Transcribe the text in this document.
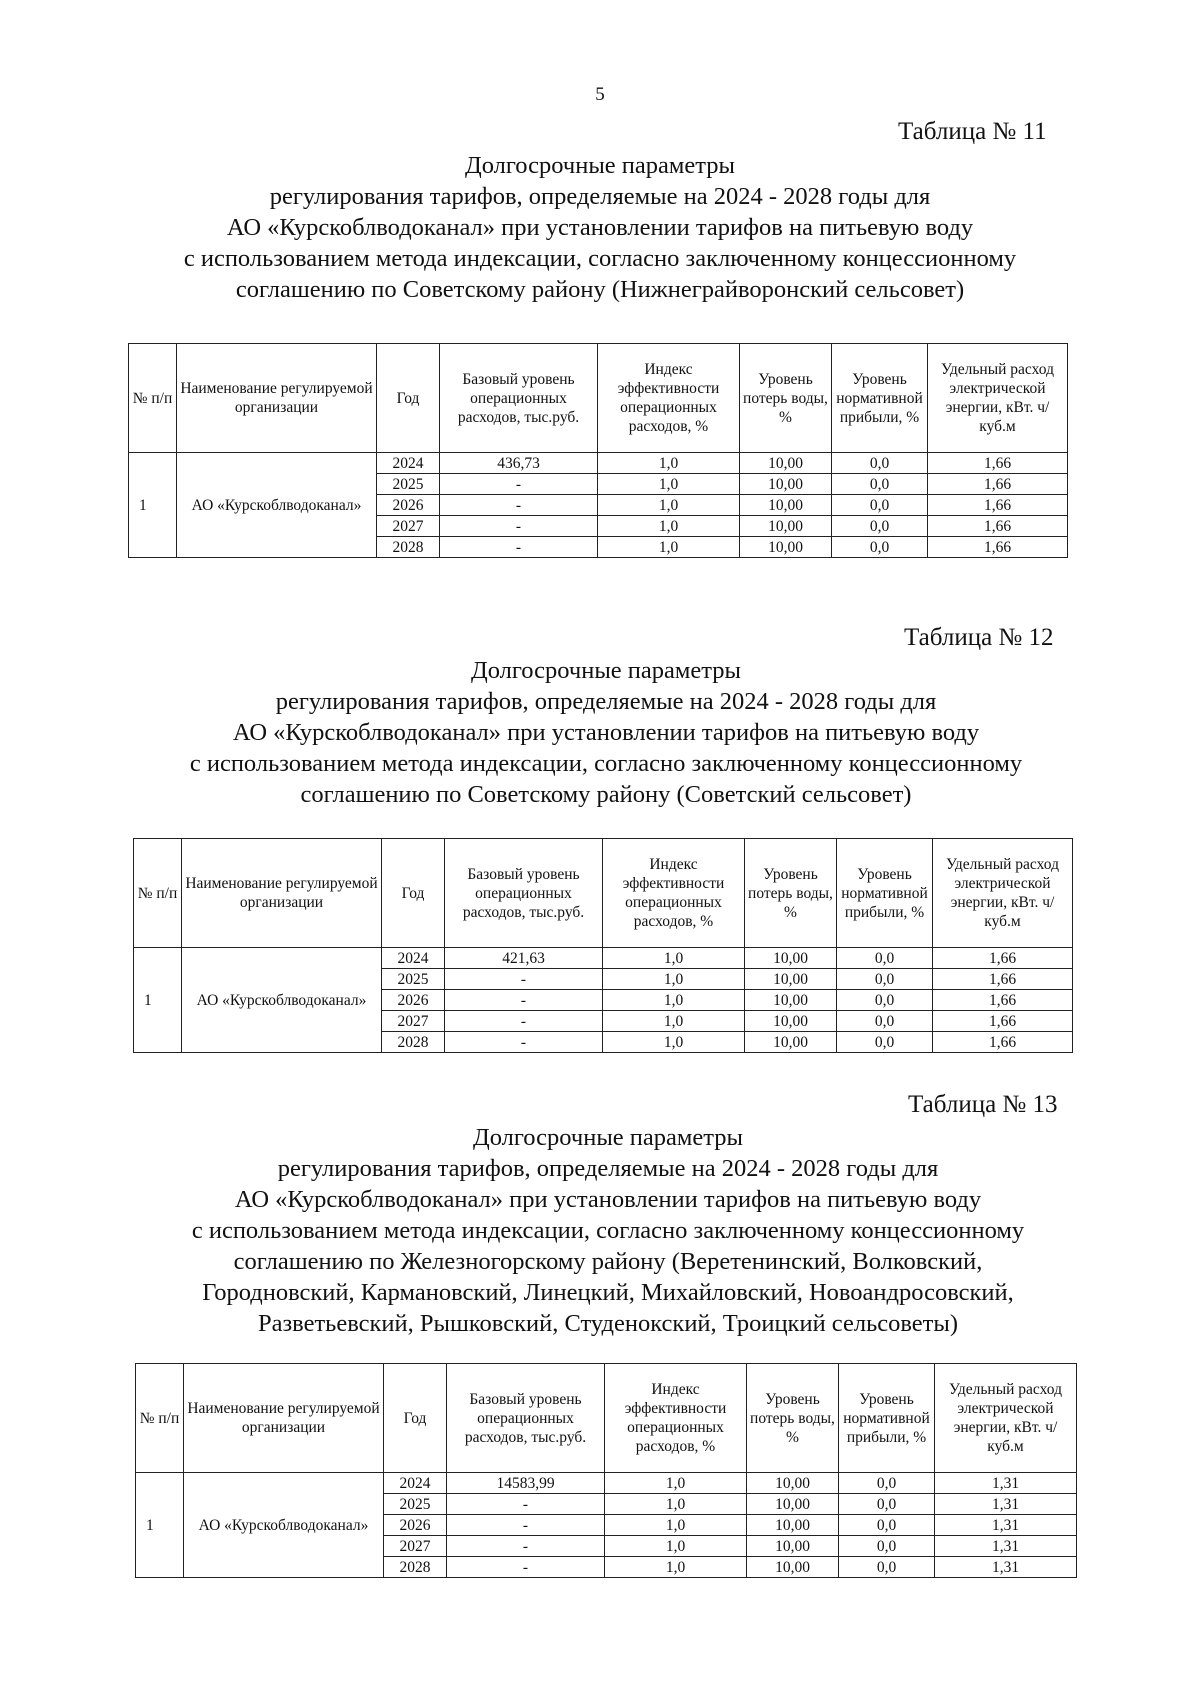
5
Таблица № 11
Долгосрочные параметры
регулирования тарифов, определяемые на 2024 - 2028 годы для
АО «Курскоблводоканал» при установлении тарифов на питьевую воду
с использованием метода индексации, согласно заключенному концессионному
соглашению по Советскому району (Нижнеграйворонский сельсовет)
№ п/п	Наименование регулируемой организации	Год	Базовый уровень операционных расходов, тыс.руб.	Индекс эффективности операционных расходов, %	Уровень потерь воды, %	Уровень нормативной прибыли, %	Удельный расход электрической энергии, кВт. ч/куб.м
1	АО «Курскоблводоканал»	2024	436,73	1,0	10,00	0,0	1,66
		2025	-	1,0	10,00	0,0	1,66
		2026	-	1,0	10,00	0,0	1,66
		2027	-	1,0	10,00	0,0	1,66
		2028	-	1,0	10,00	0,0	1,66
Таблица № 12
Долгосрочные параметры
регулирования тарифов, определяемые на 2024 - 2028 годы для
АО «Курскоблводоканал» при установлении тарифов на питьевую воду
с использованием метода индексации, согласно заключенному концессионному
соглашению по Советскому району (Советский сельсовет)
№ п/п	Наименование регулируемой организации	Год	Базовый уровень операционных расходов, тыс.руб.	Индекс эффективности операционных расходов, %	Уровень потерь воды, %	Уровень нормативной прибыли, %	Удельный расход электрической энергии, кВт. ч/куб.м
1	АО «Курскоблводоканал»	2024	421,63	1,0	10,00	0,0	1,66
		2025	-	1,0	10,00	0,0	1,66
		2026	-	1,0	10,00	0,0	1,66
		2027	-	1,0	10,00	0,0	1,66
		2028	-	1,0	10,00	0,0	1,66
Таблица № 13
Долгосрочные параметры
регулирования тарифов, определяемые на 2024 - 2028 годы для
АО «Курскоблводоканал» при установлении тарифов на питьевую воду
с использованием метода индексации, согласно заключенному концессионному
соглашению по Железногорскому району (Веретенинский, Волковский,
Городновский, Кармановский, Линецкий, Михайловский, Новоандросовский,
Разветьевский, Рышковский, Студенокский, Троицкий сельсоветы)
№ п/п	Наименование регулируемой организации	Год	Базовый уровень операционных расходов, тыс.руб.	Индекс эффективности операционных расходов, %	Уровень потерь воды, %	Уровень нормативной прибыли, %	Удельный расход электрической энергии, кВт. ч/куб.м
1	АО «Курскоблводоканал»	2024	14583,99	1,0	10,00	0,0	1,31
		2025	-	1,0	10,00	0,0	1,31
		2026	-	1,0	10,00	0,0	1,31
		2027	-	1,0	10,00	0,0	1,31
		2028	-	1,0	10,00	0,0	1,31
